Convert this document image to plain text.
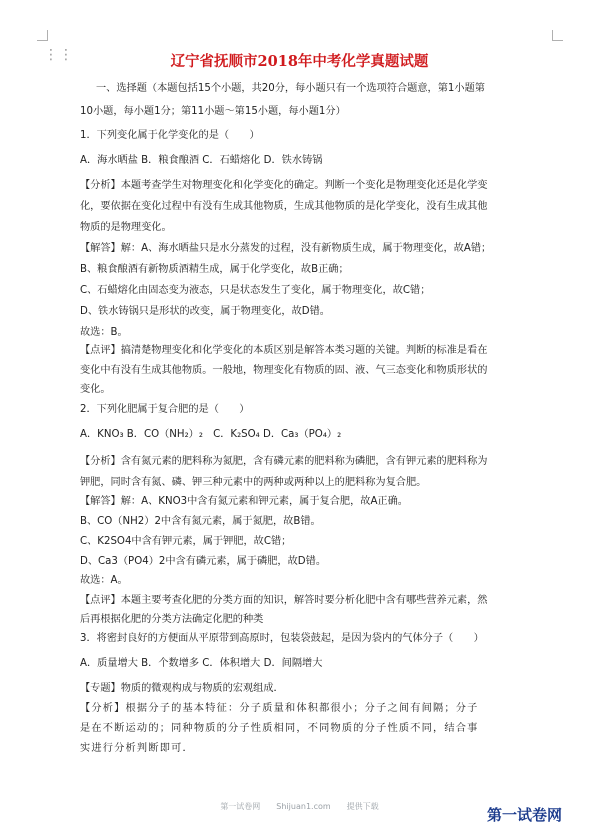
⋮⋮	辽宁省抚顺市2018年中考化学真题试题
一、选择题（本题包括15个小题，共20分，每小题只有一个选项符合题意，第1小题第
10小题，每小题1分；第11小题～第15小题，每小题1分）
1．下列变化属于化学变化的是（　　）
A．海水晒盐 B．粮食酿酒 C．石蜡熔化 D．铁水铸锅
【分析】本题考查学生对物理变化和化学变化的确定。判断一个变化是物理变化还是化学变
化，要依据在变化过程中有没有生成其他物质，生成其他物质的是化学变化，没有生成其他
物质的是物理变化。
【解答】解：A、海水晒盐只是水分蒸发的过程，没有新物质生成，属于物理变化，故A错；
B、粮食酿酒有新物质酒精生成，属于化学变化，故B正确；
C、石蜡熔化由固态变为液态，只是状态发生了变化，属于物理变化，故C错；
D、铁水铸锅只是形状的改变，属于物理变化，故D错。
故选：B。
【点评】搞清楚物理变化和化学变化的本质区别是解答本类习题的关键。判断的标准是看在
变化中有没有生成其他物质。一般地，物理变化有物质的固、液、气三态变化和物质形状的
变化。
2．下列化肥属于复合肥的是（　　）
A．KNO₃ B．CO（NH₂）₂　C．K₂SO₄ D．Ca₃（PO₄）₂
【分析】含有氮元素的肥料称为氮肥，含有磷元素的肥料称为磷肥，含有钾元素的肥料称为
钾肥，同时含有氮、磷、钾三种元素中的两种或两种以上的肥料称为复合肥。
【解答】解：A、KNO3中含有氮元素和钾元素，属于复合肥，故A正确。
B、CO（NH2）2中含有氮元素，属于氮肥，故B错。
C、K2SO4中含有钾元素，属于钾肥，故C错；
D、Ca3（PO4）2中含有磷元素，属于磷肥，故D错。
故选：A。
【点评】本题主要考查化肥的分类方面的知识，解答时要分析化肥中含有哪些营养元素，然
后再根据化肥的分类方法确定化肥的种类
3．将密封良好的方便面从平原带到高原时，包装袋鼓起，是因为袋内的气体分子（　　）
A．质量增大 B．个数增多 C．体积增大 D．间隔增大
【专题】物质的微观构成与物质的宏观组成．
【分析】根据分子的基本特征：分子质量和体积都很小；分子之间有间隔；分子
是在不断运动的；同种物质的分子性质相同，不同物质的分子性质不同，结合事
实进行分析判断即可．
第一试卷网　　Shijuan1.com　　提供下载	第一试卷网
